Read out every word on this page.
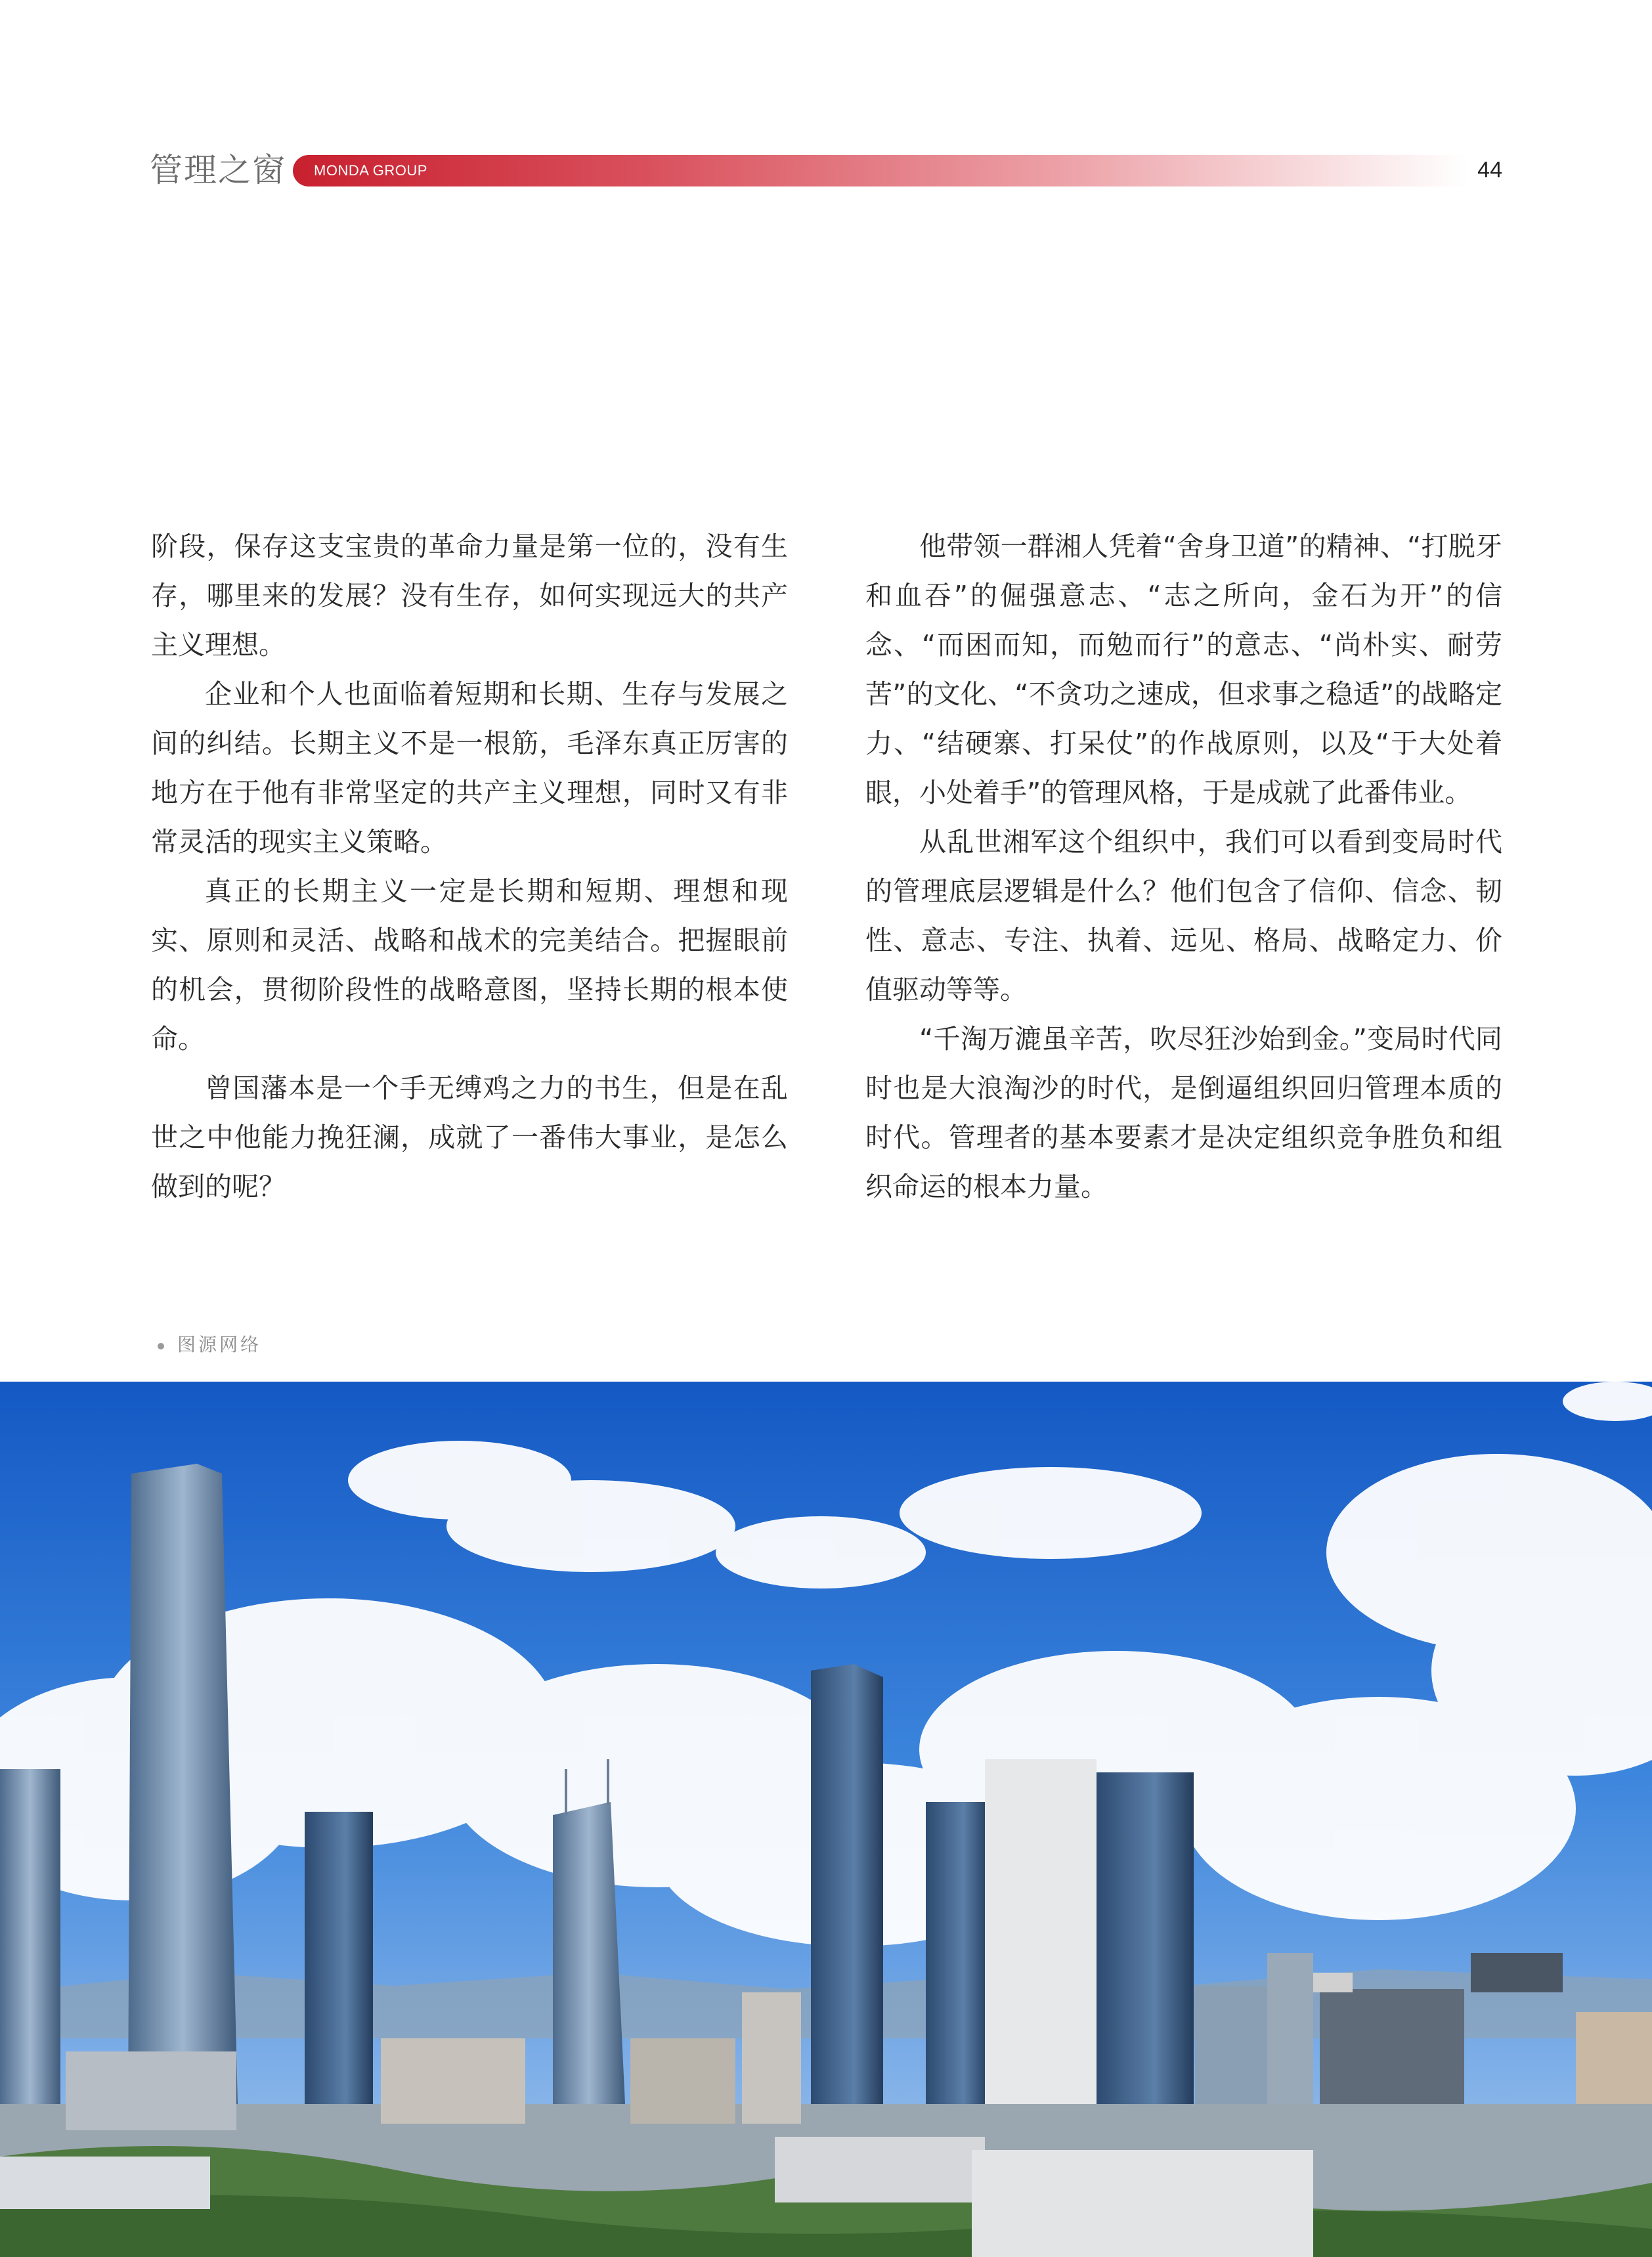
管理之窗 MONDA GROUP	44

阶段，保存这支宝贵的革命力量是第一位的，没有生存，哪里来的发展？没有生存，如何实现远大的共产主义理想。

企业和个人也面临着短期和长期、生存与发展之间的纠结。长期主义不是一根筋，毛泽东真正厉害的地方在于他有非常坚定的共产主义理想，同时又有非常灵活的现实主义策略。

真正的长期主义一定是长期和短期、理想和现实、原则和灵活、战略和战术的完美结合。把握眼前的机会，贯彻阶段性的战略意图，坚持长期的根本使命。

曾国藩本是一个手无缚鸡之力的书生，但是在乱世之中他能力挽狂澜，成就了一番伟大事业，是怎么做到的呢？

他带领一群湘人凭着“舍身卫道”的精神、“打脱牙和血吞”的倔强意志、“志之所向，金石为开”的信念、“而困而知，而勉而行”的意志、“尚朴实、耐劳苦”的文化、“不贪功之速成，但求事之稳适”的战略定力、“结硬寨、打呆仗”的作战原则，以及“于大处着眼，小处着手”的管理风格，于是成就了此番伟业。

从乱世湘军这个组织中，我们可以看到变局时代的管理底层逻辑是什么？他们包含了信仰、信念、韧性、意志、专注、执着、远见、格局、战略定力、价值驱动等等。

“千淘万漉虽辛苦，吹尽狂沙始到金。”变局时代同时也是大浪淘沙的时代，是倒逼组织回归管理本质的时代。管理者的基本要素才是决定组织竞争胜负和组织命运的根本力量。

图源网络
